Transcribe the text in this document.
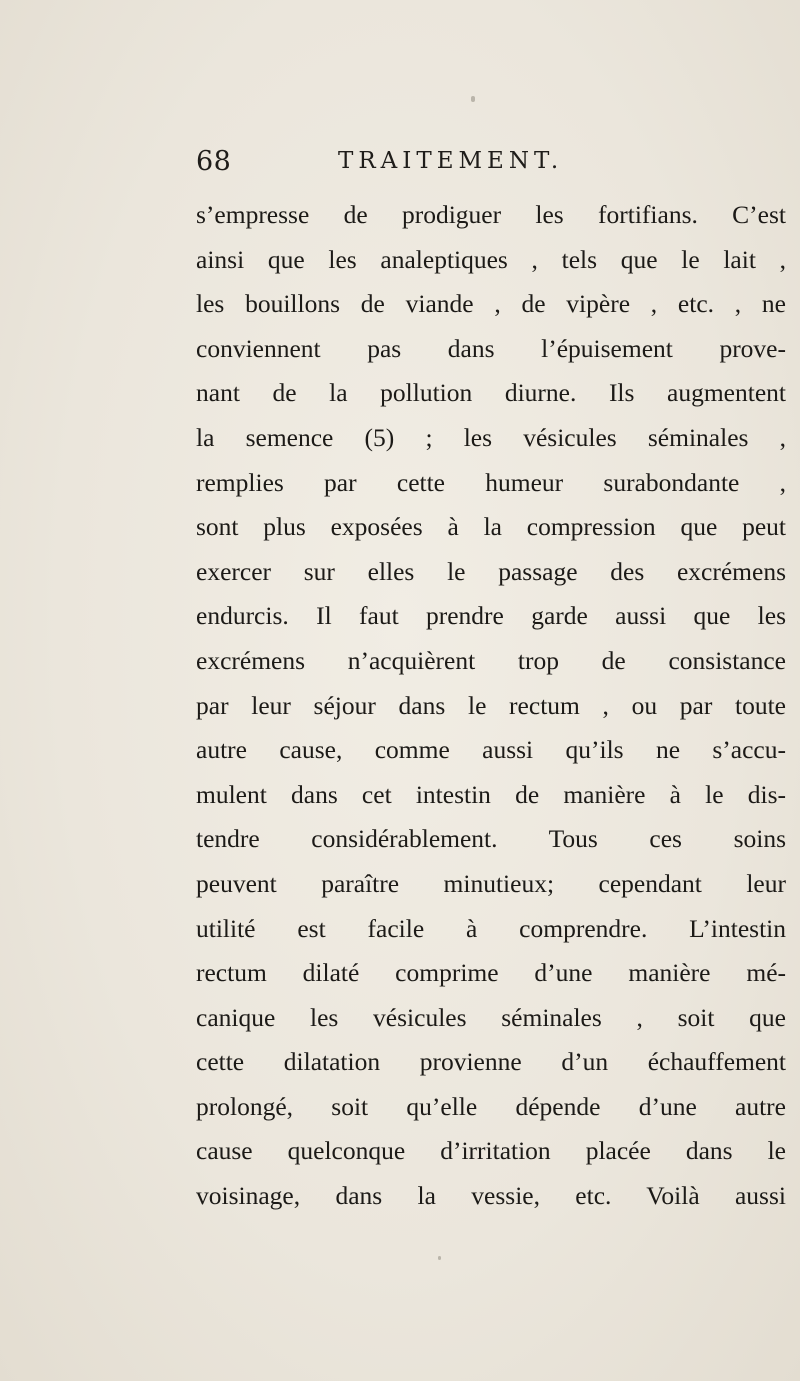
68	TRAITEMENT.
s’empresse de prodiguer les fortifians. C’est
ainsi que les analeptiques , tels que le lait ,
les bouillons de viande , de vipère , etc. , ne
conviennent pas dans l’épuisement prove-
nant de la pollution diurne. Ils augmentent
la semence (5) ; les vésicules séminales ,
remplies par cette humeur surabondante ,
sont plus exposées à la compression que peut
exercer sur elles le passage des excrémens
endurcis. Il faut prendre garde aussi que les
excrémens n’acquièrent trop de consistance
par leur séjour dans le rectum , ou par toute
autre cause, comme aussi qu’ils ne s’accu-
mulent dans cet intestin de manière à le dis-
tendre considérablement. Tous ces soins
peuvent paraître minutieux; cependant leur
utilité est facile à comprendre. L’intestin
rectum dilaté comprime d’une manière mé-
canique les vésicules séminales , soit que
cette dilatation provienne d’un échauffement
prolongé, soit qu’elle dépende d’une autre
cause quelconque d’irritation placée dans le
voisinage, dans la vessie, etc. Voilà aussi
